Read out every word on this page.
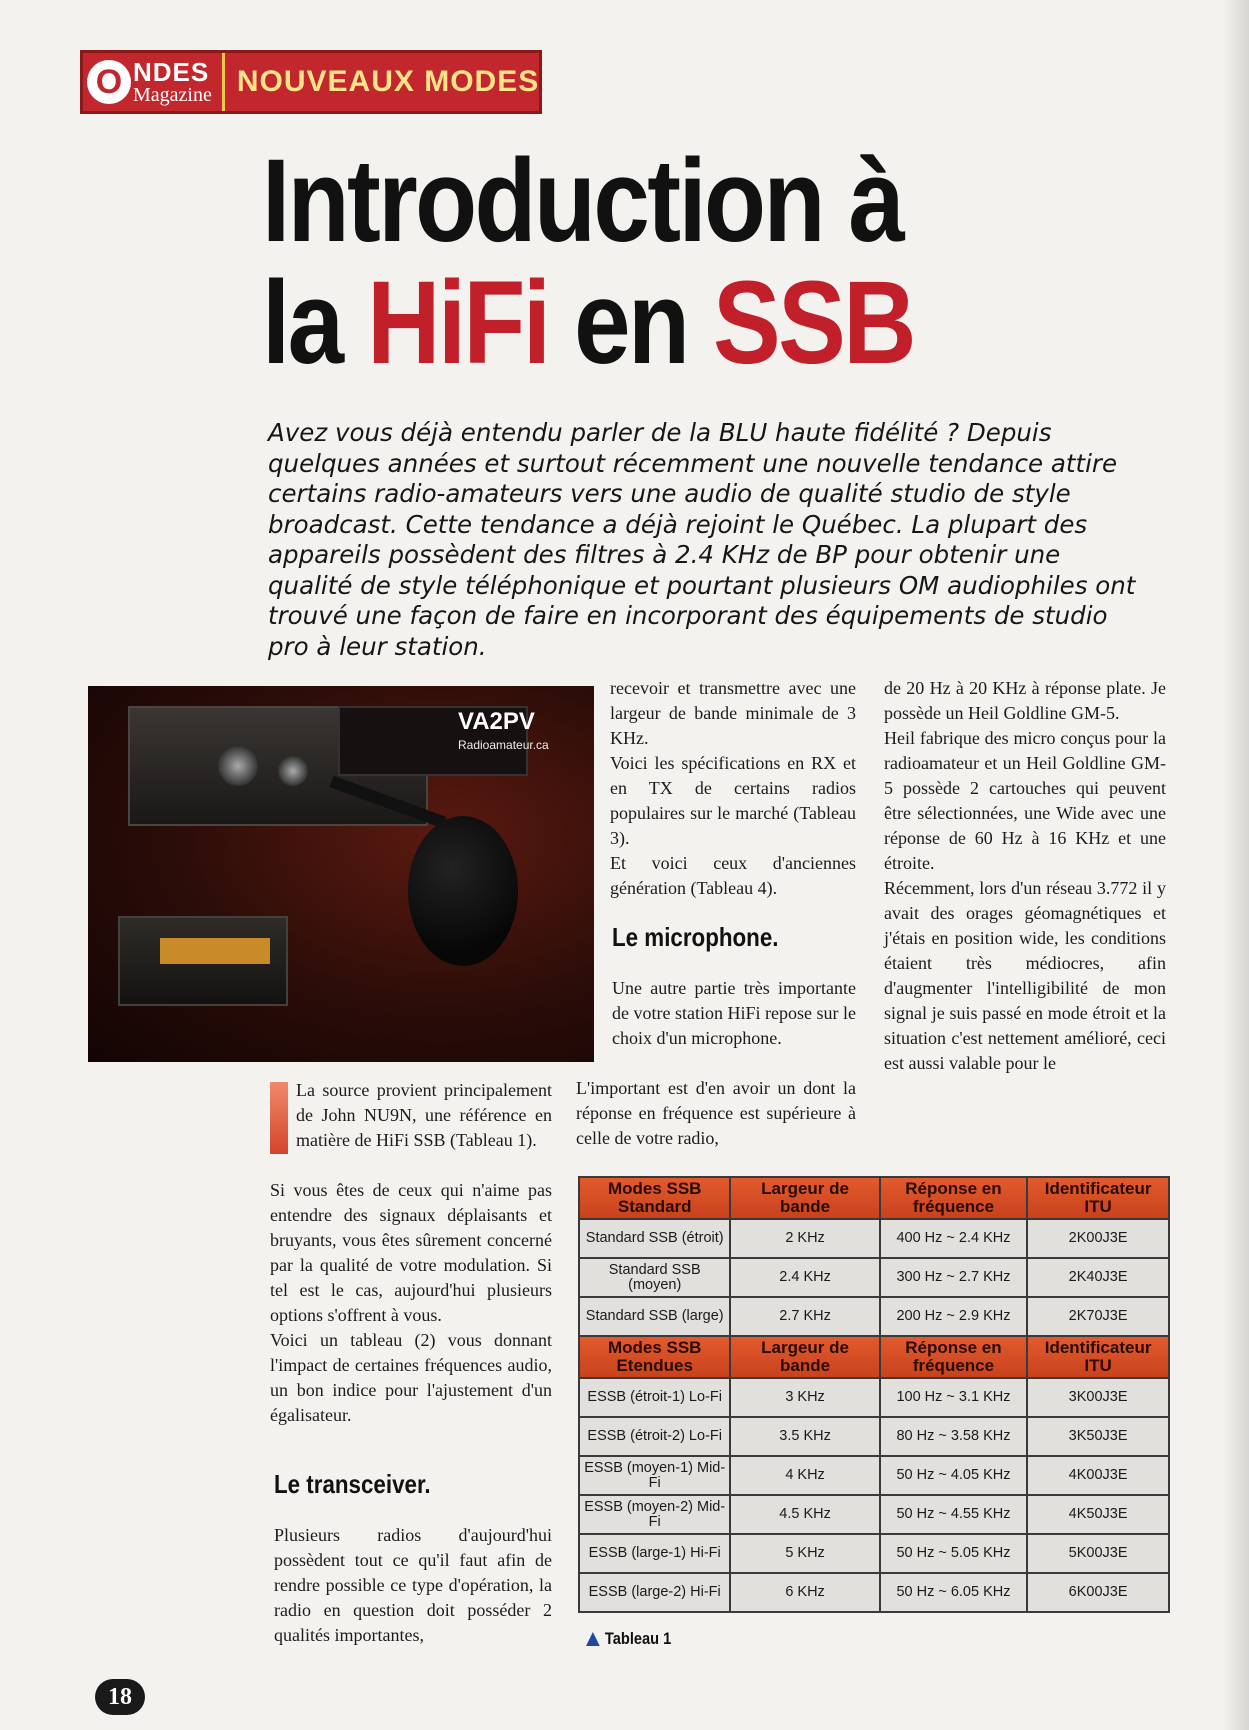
O NDES
Magazine NOUVEAUX MODES
Introduction à
la HiFi en SSB
Avez vous déjà entendu parler de la BLU haute fidélité ? Depuis quelques années et surtout récemment une nouvelle tendance attire certains radio-amateurs vers une audio de qualité studio de style broadcast. Cette tendance a déjà rejoint le Québec. La plupart des appareils possèdent des filtres à 2.4 KHz de BP pour obtenir une qualité de style téléphonique et pourtant plusieurs OM audiophiles ont trouvé une façon de faire en incorporant des équipements de studio pro à leur station.
VA2PV
Radioamateur.ca

La source provient principalement de John NU9N, une référence en matière de HiFi SSB (Tableau 1).

Si vous êtes de ceux qui n'aime pas entendre des signaux déplaisants et bruyants, vous êtes sûrement concerné par la qualité de votre modulation. Si tel est le cas, aujourd'hui plusieurs options s'offrent à vous.

Voici un tableau (2) vous donnant l'impact de certaines fréquences audio, un bon indice pour l'ajustement d'un égalisateur.

Le transceiver.

Plusieurs radios d'aujourd'hui possèdent tout ce qu'il faut afin de rendre possible ce type d'opération, la radio en question doit posséder 2 qualités importantes,

recevoir et transmettre avec une largeur de bande minimale de 3 KHz.

Voici les spécifications en RX et en TX de certains radios populaires sur le marché (Tableau 3).

Et voici ceux d'anciennes génération (Tableau 4).

Le microphone.

Une autre partie très importante de votre station HiFi repose sur le choix d'un microphone.

L'important est d'en avoir un dont la réponse en fréquence est supérieure à celle de votre radio,

de 20 Hz à 20 KHz à réponse plate. Je possède un Heil Goldline GM-5.

Heil fabrique des micro conçus pour la radioamateur et un Heil Goldline GM-5 possède 2 cartouches qui peuvent être sélectionnées, une Wide avec une réponse de 60 Hz à 16 KHz et une étroite.

Récemment, lors d'un réseau 3.772 il y avait des orages géomagnétiques et j'étais en position wide, les conditions étaient très médiocres, afin d'augmenter l'intelligibilité de mon signal je suis passé en mode étroit et la situation c'est nettement amélioré, ceci est aussi valable pour le

Modes SSB Standard	Largeur de bande	Réponse en fréquence	Identificateur ITU
Standard SSB (étroit)	2 KHz	400 Hz ~ 2.4 KHz	2K00J3E
Standard SSB (moyen)	2.4 KHz	300 Hz ~ 2.7 KHz	2K40J3E
Standard SSB (large)	2.7 KHz	200 Hz ~ 2.9 KHz	2K70J3E
Modes SSB Etendues	Largeur de bande	Réponse en fréquence	Identificateur ITU
ESSB (étroit-1) Lo-Fi	3 KHz	100 Hz ~ 3.1 KHz	3K00J3E
ESSB (étroit-2) Lo-Fi	3.5 KHz	80 Hz ~ 3.58 KHz	3K50J3E
ESSB (moyen-1) Mid-Fi	4 KHz	50 Hz ~ 4.05 KHz	4K00J3E
ESSB (moyen-2) Mid-Fi	4.5 KHz	50 Hz ~ 4.55 KHz	4K50J3E
ESSB (large-1) Hi-Fi	5 KHz	50 Hz ~ 5.05 KHz	5K00J3E
ESSB (large-2) Hi-Fi	6 KHz	50 Hz ~ 6.05 KHz	6K00J3E
Tableau 1
18
